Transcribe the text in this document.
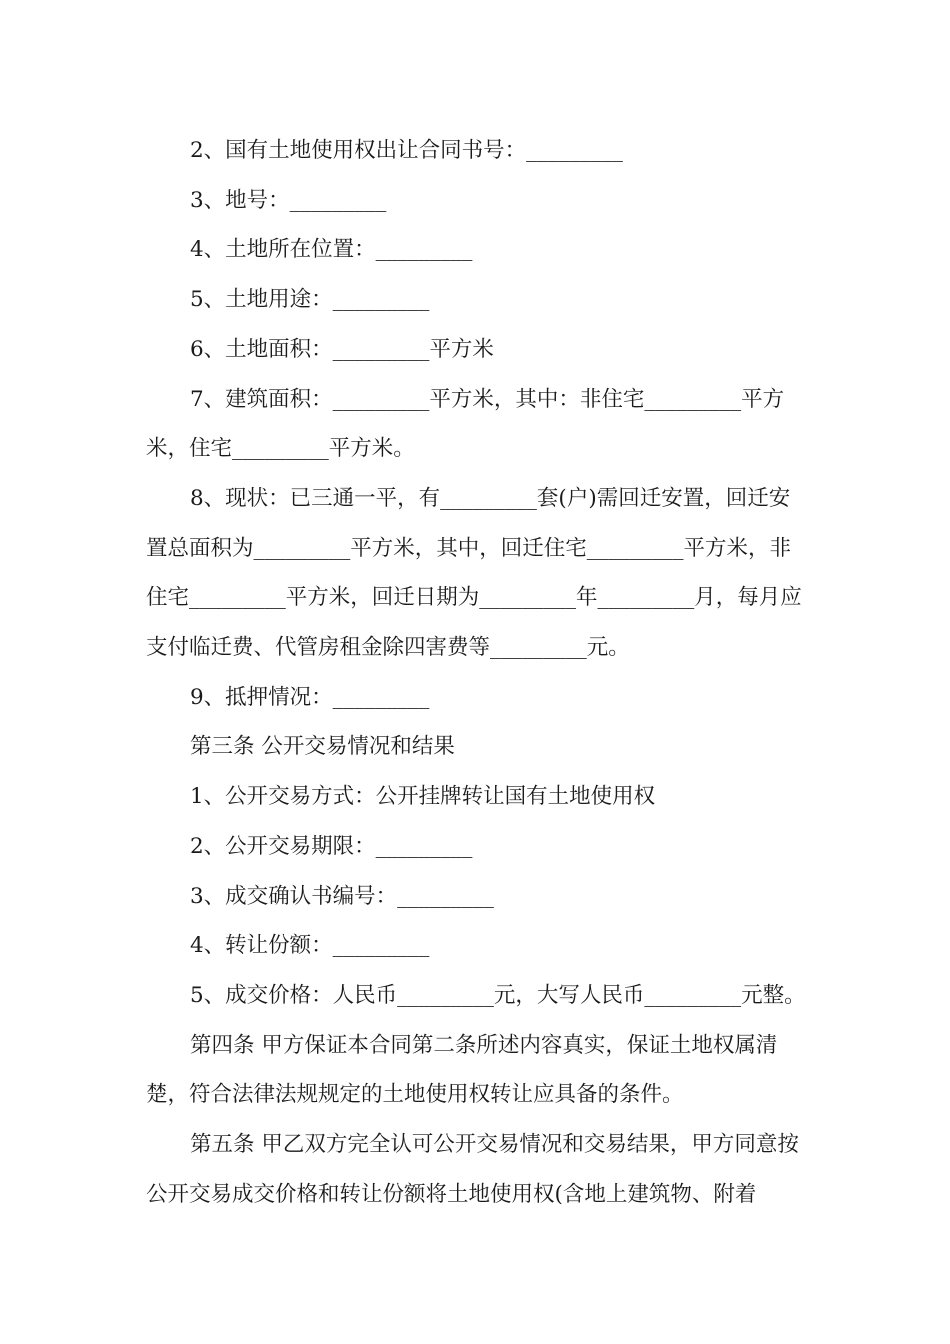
2、国有土地使用权出让合同书号：_________

3、地号：_________

4、土地所在位置：_________

5、土地用途：_________

6、土地面积：_________平方米

7、建筑面积：_________平方米，其中：非住宅_________平方米，住宅_________平方米。

8、现状：已三通一平，有_________套(户)需回迁安置，回迁安置总面积为_________平方米，其中，回迁住宅_________平方米，非住宅_________平方米，回迁日期为_________年_________月，每月应支付临迁费、代管房租金除四害费等_________元。

9、抵押情况：_________

第三条 公开交易情况和结果

1、公开交易方式：公开挂牌转让国有土地使用权

2、公开交易期限：_________

3、成交确认书编号：_________

4、转让份额：_________

5、成交价格：人民币_________元，大写人民币_________元整。

第四条 甲方保证本合同第二条所述内容真实，保证土地权属清楚，符合法律法规规定的土地使用权转让应具备的条件。

第五条 甲乙双方完全认可公开交易情况和交易结果，甲方同意按公开交易成交价格和转让份额将土地使用权(含地上建筑物、附着
